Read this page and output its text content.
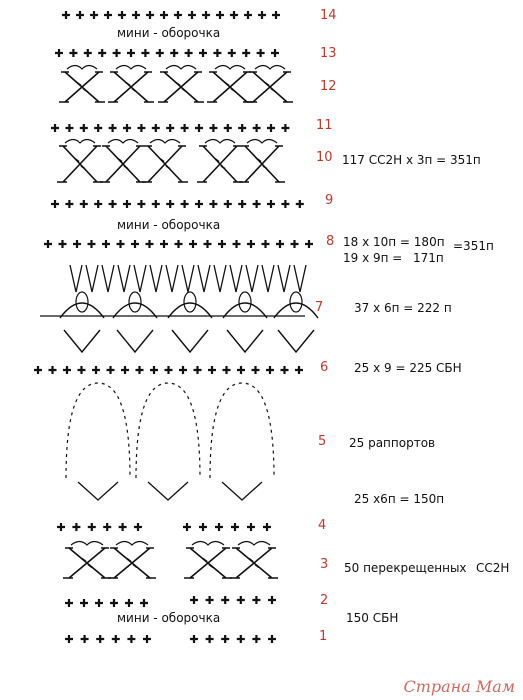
14
13
12
11
10
9
8
7
6
5
4
3
2
1
мини - оборочка
мини - оборочка
мини - оборочка
117 СС2Н х 3п = 351п
18 х 10п = 180п =351п
19 х 9п = 171п
37 х 6п = 222 п
25 х 9 = 225 СБН
25 раппортов
25 х6п = 150п
50 перекрещенных СС2Н
150 СБН
Страна Мам
